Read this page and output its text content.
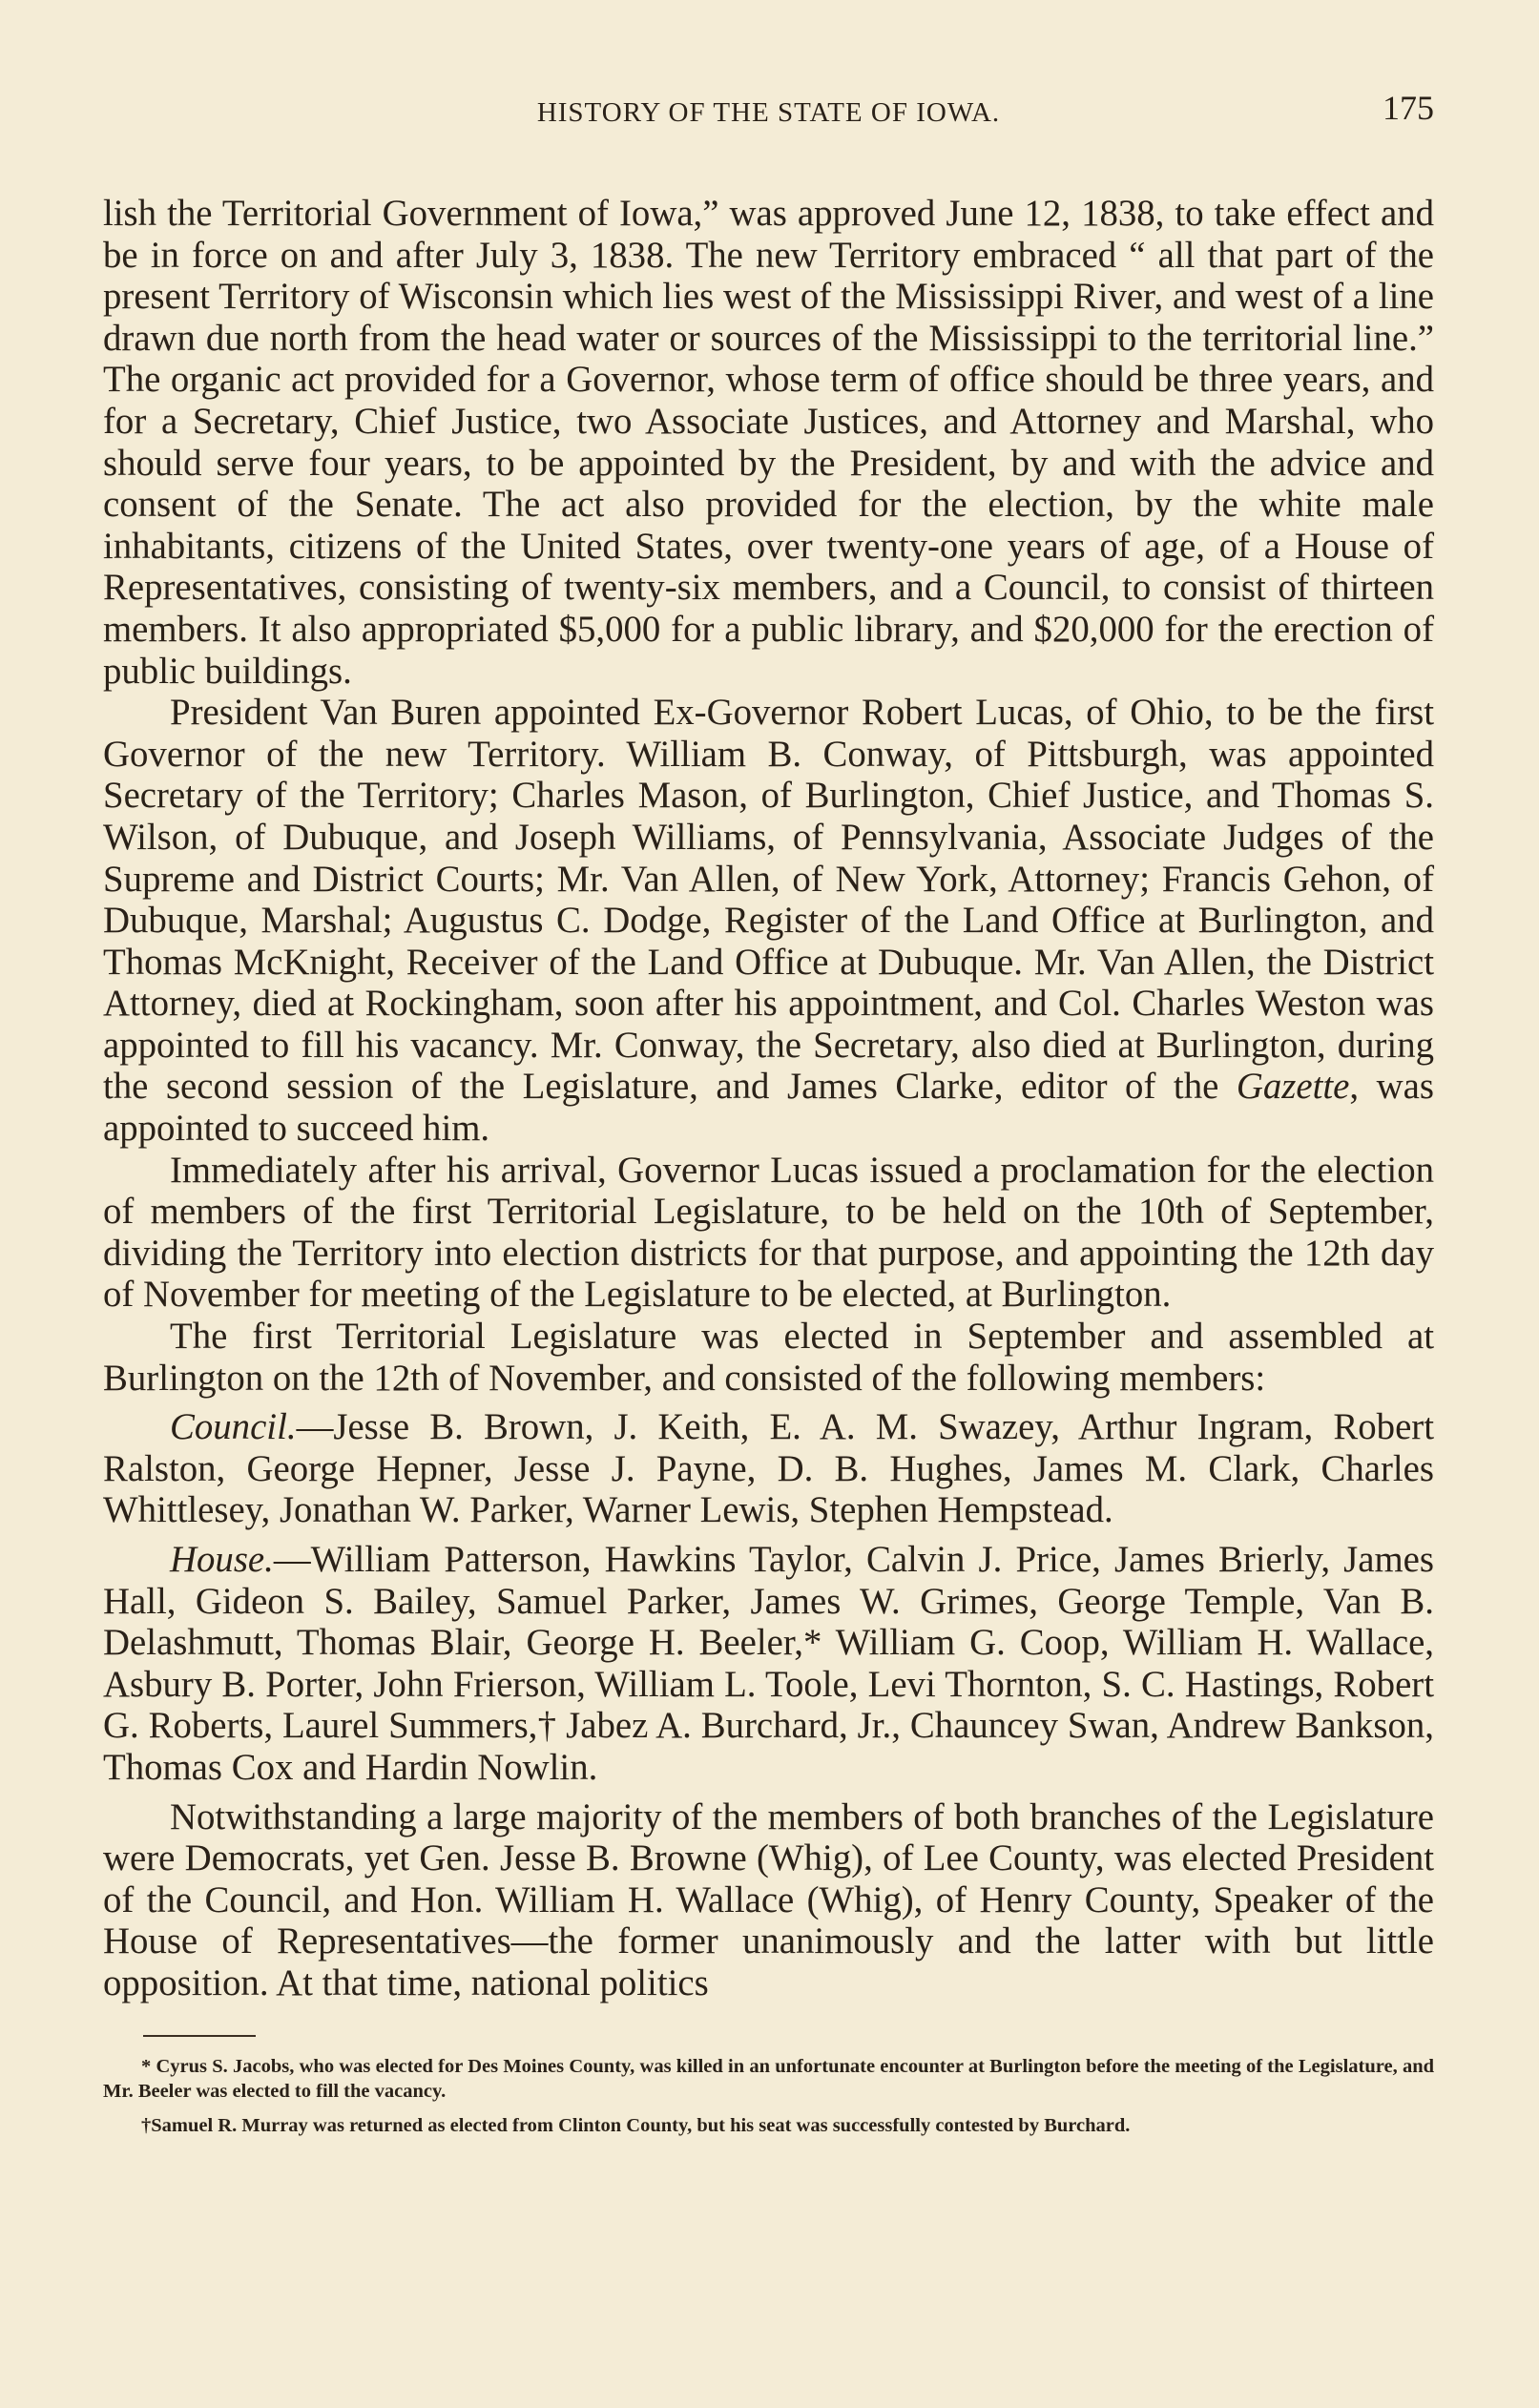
HISTORY OF THE STATE OF IOWA.	175

lish the Territorial Government of Iowa,” was approved June 12, 1838, to take effect and be in force on and after July 3, 1838. The new Territory embraced “ all that part of the present Territory of Wisconsin which lies west of the Mississippi River, and west of a line drawn due north from the head water or sources of the Mississippi to the territorial line.” The organic act provided for a Governor, whose term of office should be three years, and for a Secretary, Chief Justice, two Associate Justices, and Attorney and Marshal, who should serve four years, to be appointed by the President, by and with the advice and consent of the Senate. The act also provided for the election, by the white male inhabitants, citizens of the United States, over twenty-one years of age, of a House of Representatives, consisting of twenty-six members, and a Council, to consist of thirteen members. It also appropriated $5,000 for a public library, and $20,000 for the erection of public buildings.

President Van Buren appointed Ex-Governor Robert Lucas, of Ohio, to be the first Governor of the new Territory. William B. Conway, of Pittsburgh, was appointed Secretary of the Territory; Charles Mason, of Burlington, Chief Justice, and Thomas S. Wilson, of Dubuque, and Joseph Williams, of Pennsylvania, Associate Judges of the Supreme and District Courts; Mr. Van Allen, of New York, Attorney; Francis Gehon, of Dubuque, Marshal; Augustus C. Dodge, Register of the Land Office at Burlington, and Thomas McKnight, Receiver of the Land Office at Dubuque. Mr. Van Allen, the District Attorney, died at Rockingham, soon after his appointment, and Col. Charles Weston was appointed to fill his vacancy. Mr. Conway, the Secretary, also died at Burlington, during the second session of the Legislature, and James Clarke, editor of the Gazette, was appointed to succeed him.

Immediately after his arrival, Governor Lucas issued a proclamation for the election of members of the first Territorial Legislature, to be held on the 10th of September, dividing the Territory into election districts for that purpose, and appointing the 12th day of November for meeting of the Legislature to be elected, at Burlington.

The first Territorial Legislature was elected in September and assembled at Burlington on the 12th of November, and consisted of the following members:

Council.—Jesse B. Brown, J. Keith, E. A. M. Swazey, Arthur Ingram, Robert Ralston, George Hepner, Jesse J. Payne, D. B. Hughes, James M. Clark, Charles Whittlesey, Jonathan W. Parker, Warner Lewis, Stephen Hempstead.

House.—William Patterson, Hawkins Taylor, Calvin J. Price, James Brierly, James Hall, Gideon S. Bailey, Samuel Parker, James W. Grimes, George Temple, Van B. Delashmutt, Thomas Blair, George H. Beeler,* William G. Coop, William H. Wallace, Asbury B. Porter, John Frierson, William L. Toole, Levi Thornton, S. C. Hastings, Robert G. Roberts, Laurel Summers,† Jabez A. Burchard, Jr., Chauncey Swan, Andrew Bankson, Thomas Cox and Hardin Nowlin.

Notwithstanding a large majority of the members of both branches of the Legislature were Democrats, yet Gen. Jesse B. Browne (Whig), of Lee County, was elected President of the Council, and Hon. William H. Wallace (Whig), of Henry County, Speaker of the House of Representatives—the former unanimously and the latter with but little opposition. At that time, national politics

* Cyrus S. Jacobs, who was elected for Des Moines County, was killed in an unfortunate encounter at Burlington before the meeting of the Legislature, and Mr. Beeler was elected to fill the vacancy.

†Samuel R. Murray was returned as elected from Clinton County, but his seat was successfully contested by Burchard.
